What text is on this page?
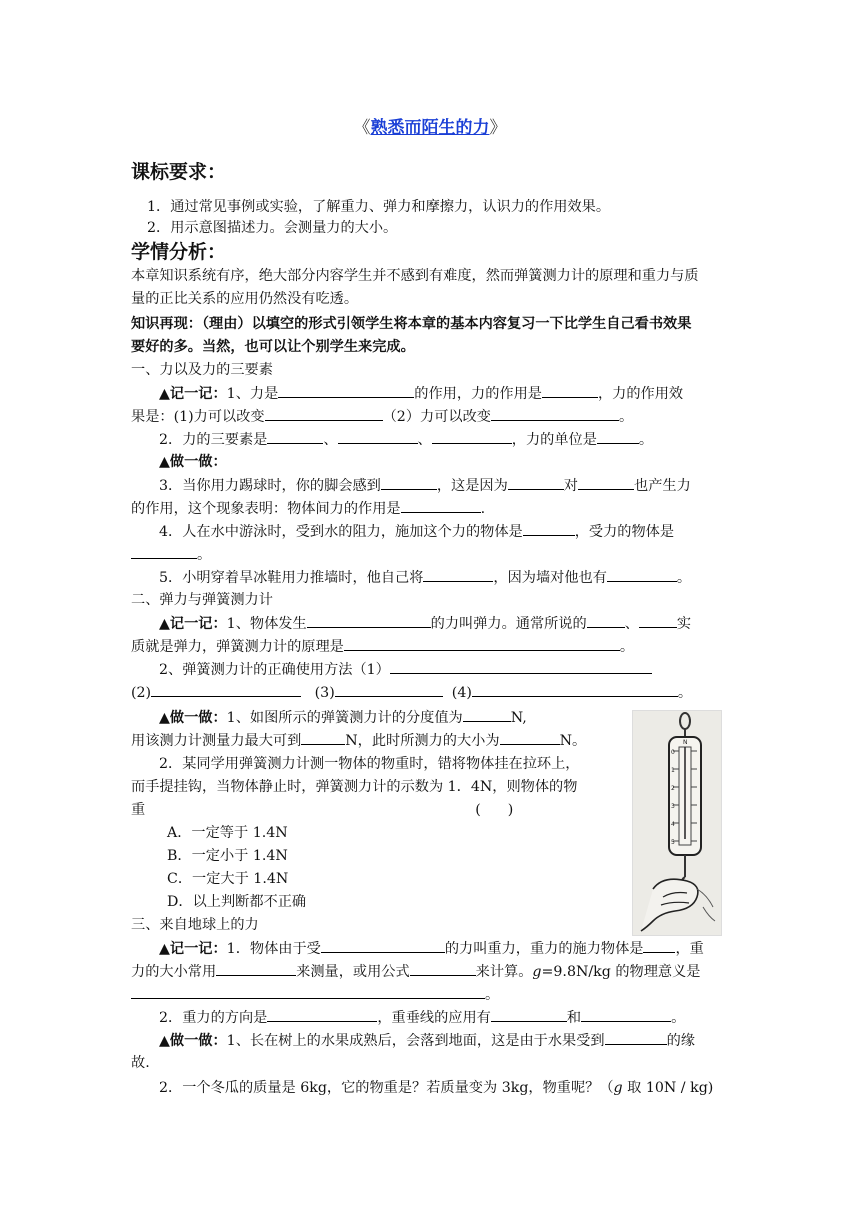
《熟悉而陌生的力》
课标要求：
1．通过常见事例或实验，了解重力、弹力和摩擦力，认识力的作用效果。
2．用示意图描述力。会测量力的大小。
学情分析：
本章知识系统有序，绝大部分内容学生并不感到有难度，然而弹簧测力计的原理和重力与质
量的正比关系的应用仍然没有吃透。
知识再现：（理由）以填空的形式引领学生将本章的基本内容复习一下比学生自己看书效果
要好的多。当然，也可以让个别学生来完成。
一、力以及力的三要素
▲记一记：1、力是	的作用，力的作用是	，力的作用效
果是：(1)力可以改变	（2）力可以改变	。
2．力的三要素是	、	、	，力的单位是	。
▲做一做：
3．当你用力踢球时，你的脚会感到	，这是因为	对	也产生力
的作用，这个现象表明：物体间力的作用是	.
4．人在水中游泳时，受到水的阻力，施加这个力的物体是	，受力的物体是
。
5．小明穿着旱冰鞋用力推墙时，他自己将	，因为墙对他也有	。
二、弹力与弹簧测力计
▲记一记：1、物体发生	的力叫弹力。通常所说的	、	实
质就是弹力，弹簧测力计的原理是	。
2、弹簧测力计的正确使用方法（1）
(2)	(3)	(4)	。
▲做一做：1、如图所示的弹簧测力计的分度值为	N,
用该测力计测量力最大可到	N，此时所测力的大小为	N。
2．某同学用弹簧测力计测一物体的物重时，错将物体挂在拉环上，
而手提挂钩，当物体静止时，弹簧测力计的示数为 1．4N，则物体的物
重	(      )
A．一定等于 1.4N
B．一定小于 1.4N
C．一定大于 1.4N
D．以上判断都不正确
N
0
1
2
3
4
5
三、来自地球上的力
▲记一记：1．物体由于受	的力叫重力，重力的施力物体是 ，重
力的大小常用	来测量，或用公式	来计算。g=9.8N/kg 的物理意义是
。
2．重力的方向是	，重垂线的应用有	和	。
▲做一做：1、长在树上的水果成熟后，会落到地面，这是由于水果受到	的缘
故.
2．一个冬瓜的质量是 6kg，它的物重是？若质量变为 3kg，物重呢？（g 取 10N / kg)
